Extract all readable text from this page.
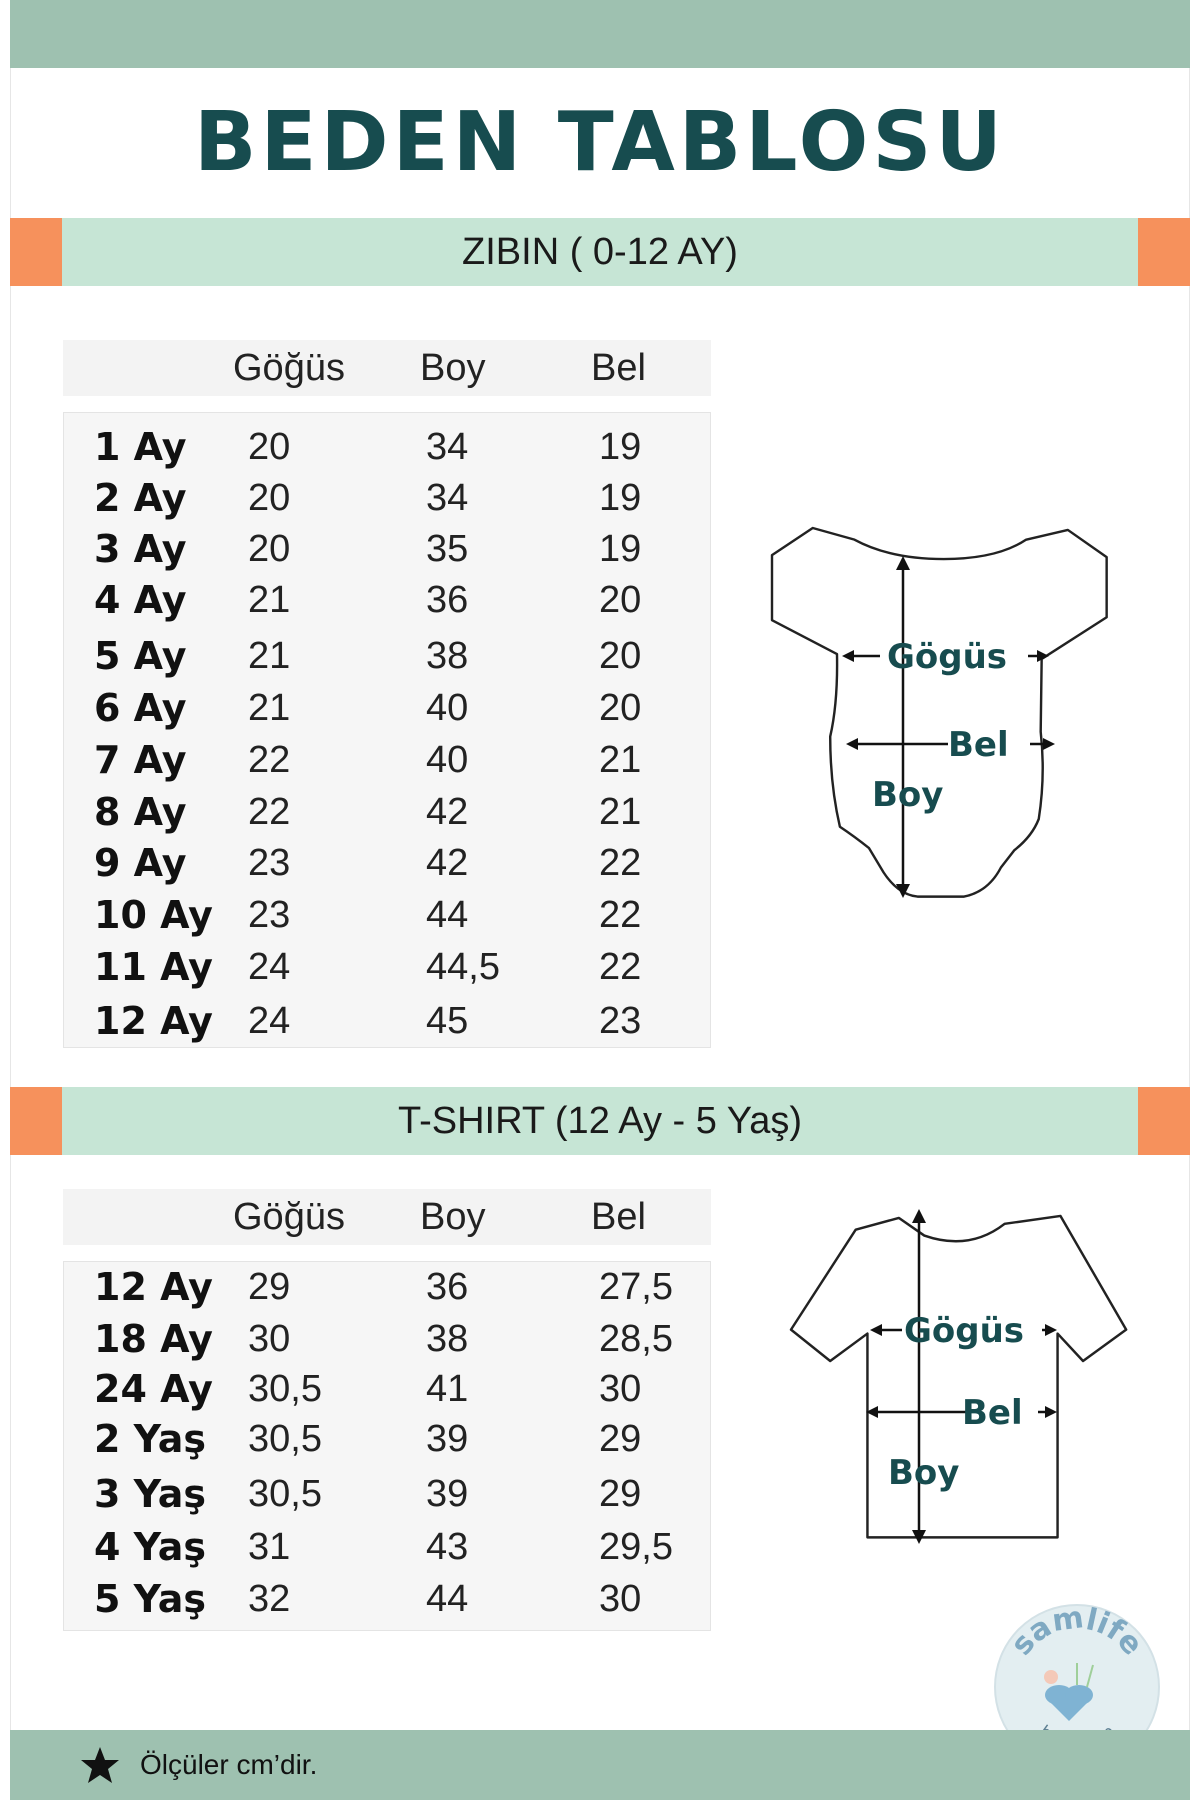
BEDEN TABLOSU
ZIBIN ( 0-12 AY)
Göğüs Boy	Bel
1 Ay 20	34	19
2 Ay 20	34	19
3 Ay 20	35	19
4 Ay 21	36	20
5 Ay 21	38	20
6 Ay 21	40	20
7 Ay 22	40	21
8 Ay 22	42	21
9 Ay 23	42	22
10 Ay 23	44	22
11 Ay 24	44,5	22
12 Ay 24	45	23
Gögüs
Bel
Boy
T-SHIRT (12 Ay - 5 Yaş)
Göğüs Boy	Bel
12 Ay 29	36	27,5
18 Ay 30	38	28,5
24 Ay 30,5	41	30
2 Yaş 30,5	39	29
3 Yaş 30,5	39	29
4 Yaş 31	43	29,5
5 Yaş 32	44	30
Gögüs
Bel
Boy
samlife
Ölçüler cm’dir.
